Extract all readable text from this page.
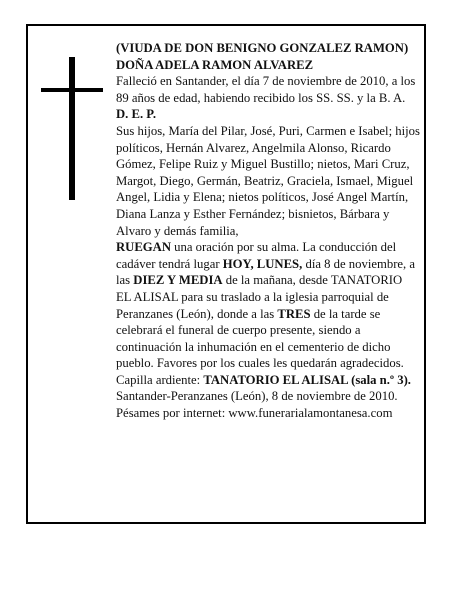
(VIUDA DE DON BENIGNO GONZALEZ RAMON)

DOÑA ADELA RAMON ALVAREZ

Falleció en Santander, el día 7 de noviembre de 2010, a los 89 años de edad, habiendo recibido los SS. SS. y la B. A.

D. E. P.

Sus hijos, María del Pilar, José, Puri, Carmen e Isabel; hijos políticos, Hernán Alvarez, Angelmila Alonso, Ricardo Gómez, Felipe Ruiz y Miguel Bustillo; nietos, Mari Cruz, Margot, Diego, Germán, Beatriz, Graciela, Ismael, Miguel Angel, Lidia y Elena; nietos políticos, José Angel Martín, Diana Lanza y Esther Fernández; bisnietos, Bárbara y Alvaro y demás familia,

RUEGAN una oración por su alma. La conducción del cadáver tendrá lugar HOY, LUNES, día 8 de noviembre, a las DIEZ Y MEDIA de la mañana, desde TANATORIO EL ALISAL para su traslado a la iglesia parroquial de Peranzanes (León), donde a las TRES de la tarde se celebrará el funeral de cuerpo presente, siendo a continuación la inhumación en el cementerio de dicho pueblo. Favores por los cuales les quedarán agradecidos. Capilla ardiente: TANATORIO EL ALISAL (sala n.º 3).

Santander-Peranzanes (León), 8 de noviembre de 2010.

Pésames por internet: www.funerarialamontanesa.com
